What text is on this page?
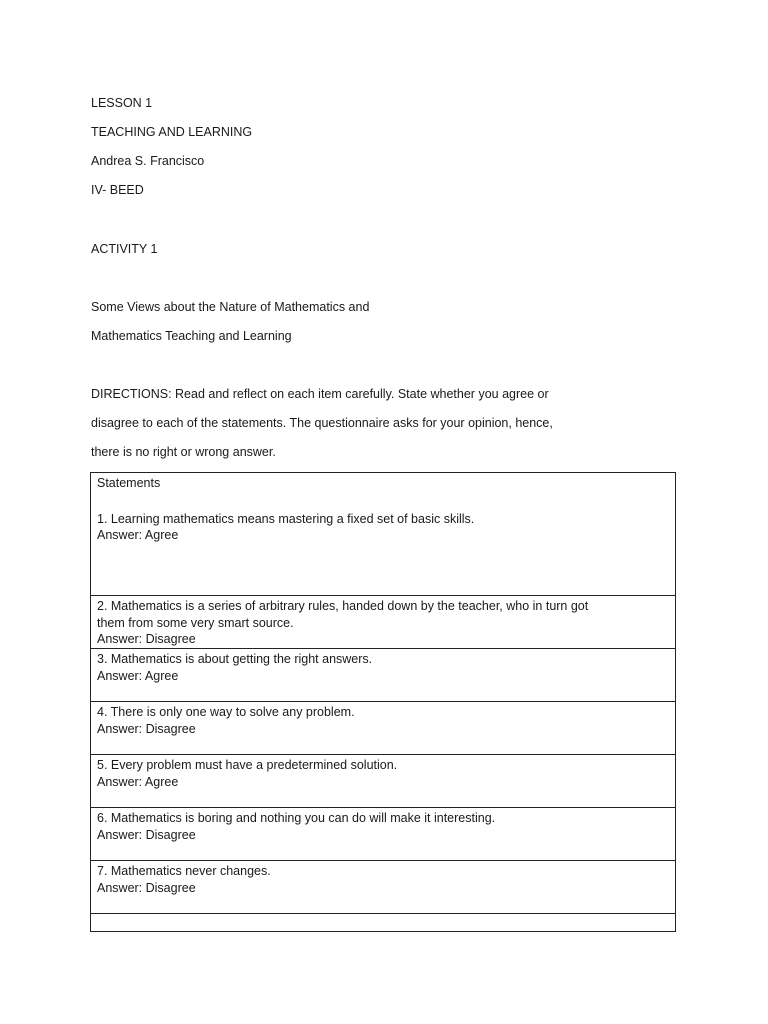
LESSON 1
TEACHING AND LEARNING
Andrea S. Francisco
IV- BEED
ACTIVITY 1
Some Views about the Nature of Mathematics and
Mathematics Teaching and Learning
DIRECTIONS: Read and reflect on each item carefully. State whether you agree or
disagree to each of the statements. The questionnaire asks for your opinion, hence,
there is no right or wrong answer.
Statements
1. Learning mathematics means mastering a fixed set of basic skills.
Answer: Agree
2. Mathematics is a series of arbitrary rules, handed down by the teacher, who in turn got them from some very smart source.
Answer: Disagree
3. Mathematics is about getting the right answers.
Answer: Agree
4. There is only one way to solve any problem.
Answer: Disagree
5. Every problem must have a predetermined solution.
Answer: Agree
6. Mathematics is boring and nothing you can do will make it interesting.
Answer: Disagree
7. Mathematics never changes.
Answer: Disagree
